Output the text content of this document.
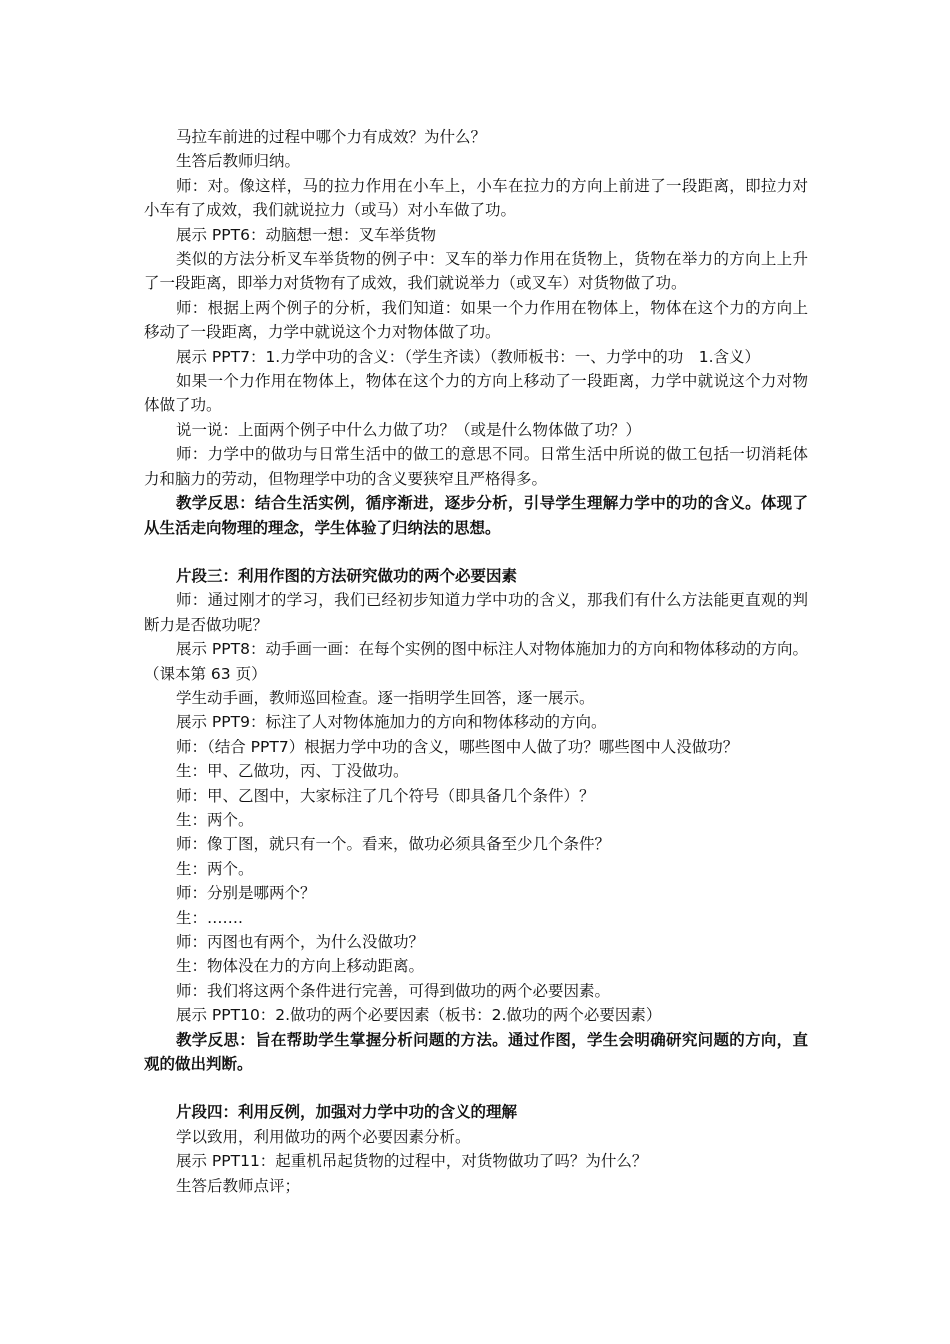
马拉车前进的过程中哪个力有成效？为什么？

生答后教师归纳。

师：对。像这样，马的拉力作用在小车上，小车在拉力的方向上前进了一段距离，即拉力对小车有了成效，我们就说拉力（或马）对小车做了功。

展示 PPT6：动脑想一想：叉车举货物

类似的方法分析叉车举货物的例子中：叉车的举力作用在货物上，货物在举力的方向上上升了一段距离，即举力对货物有了成效，我们就说举力（或叉车）对货物做了功。

师：根据上两个例子的分析，我们知道：如果一个力作用在物体上，物体在这个力的方向上移动了一段距离，力学中就说这个力对物体做了功。

展示 PPT7：1.力学中功的含义：（学生齐读）（教师板书：一、力学中的功　1.含义）

如果一个力作用在物体上，物体在这个力的方向上移动了一段距离，力学中就说这个力对物体做了功。

说一说：上面两个例子中什么力做了功？（或是什么物体做了功？）

师：力学中的做功与日常生活中的做工的意思不同。日常生活中所说的做工包括一切消耗体力和脑力的劳动，但物理学中功的含义要狭窄且严格得多。

教学反思：结合生活实例，循序渐进，逐步分析，引导学生理解力学中的功的含义。体现了从生活走向物理的理念，学生体验了归纳法的思想。

片段三：利用作图的方法研究做功的两个必要因素

师：通过刚才的学习，我们已经初步知道力学中功的含义，那我们有什么方法能更直观的判断力是否做功呢？

展示 PPT8：动手画一画：在每个实例的图中标注人对物体施加力的方向和物体移动的方向。（课本第 63 页）

学生动手画，教师巡回检查。逐一指明学生回答，逐一展示。

展示 PPT9：标注了人对物体施加力的方向和物体移动的方向。

师：（结合 PPT7）根据力学中功的含义，哪些图中人做了功？哪些图中人没做功？

生：甲、乙做功，丙、丁没做功。

师：甲、乙图中，大家标注了几个符号（即具备几个条件）？

生：两个。

师：像丁图，就只有一个。看来，做功必须具备至少几个条件？

生：两个。

师：分别是哪两个？

生：…….

师：丙图也有两个，为什么没做功？

生：物体没在力的方向上移动距离。

师：我们将这两个条件进行完善，可得到做功的两个必要因素。

展示 PPT10：2.做功的两个必要因素（板书：2.做功的两个必要因素）

教学反思：旨在帮助学生掌握分析问题的方法。通过作图，学生会明确研究问题的方向，直观的做出判断。

片段四：利用反例，加强对力学中功的含义的理解

学以致用，利用做功的两个必要因素分析。

展示 PPT11：起重机吊起货物的过程中，对货物做功了吗？为什么？

生答后教师点评；
